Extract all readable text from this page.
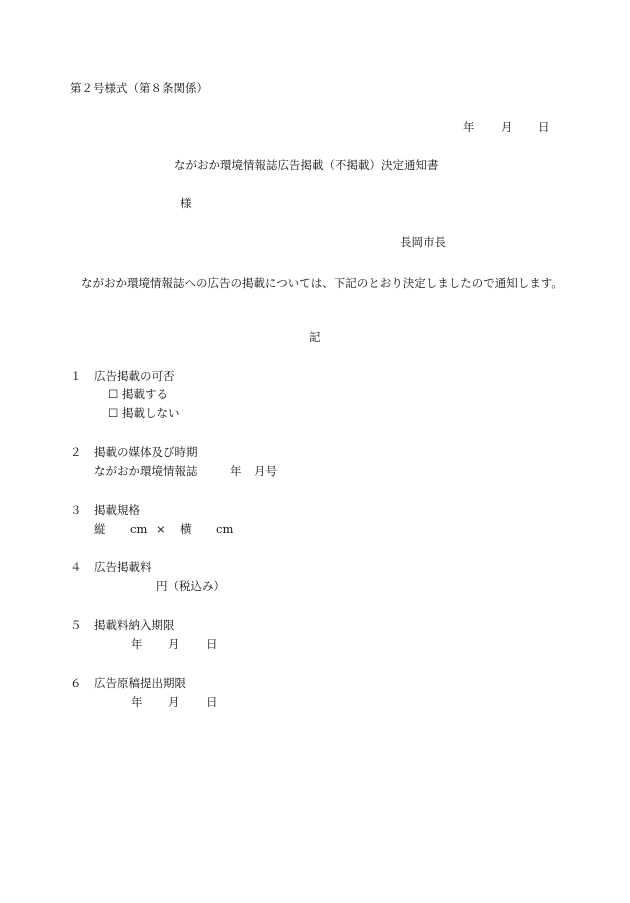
第２号様式（第８条関係）
年 月 日
ながおか環境情報誌広告掲載（不掲載）決定通知書
様
長岡市長
ながおか環境情報誌への広告の掲載については、下記のとおり決定しましたので通知します。
記
１ 広告掲載の可否
☐ 掲載する
☐ 掲載しない
２ 掲載の媒体及び時期
ながおか環境情報誌	年 月号
３ 掲載規格
縦 cm × 横 cm
４ 広告掲載料
円（税込み）
５ 掲載料納入期限
年 月 日
６ 広告原稿提出期限
年 月 日
